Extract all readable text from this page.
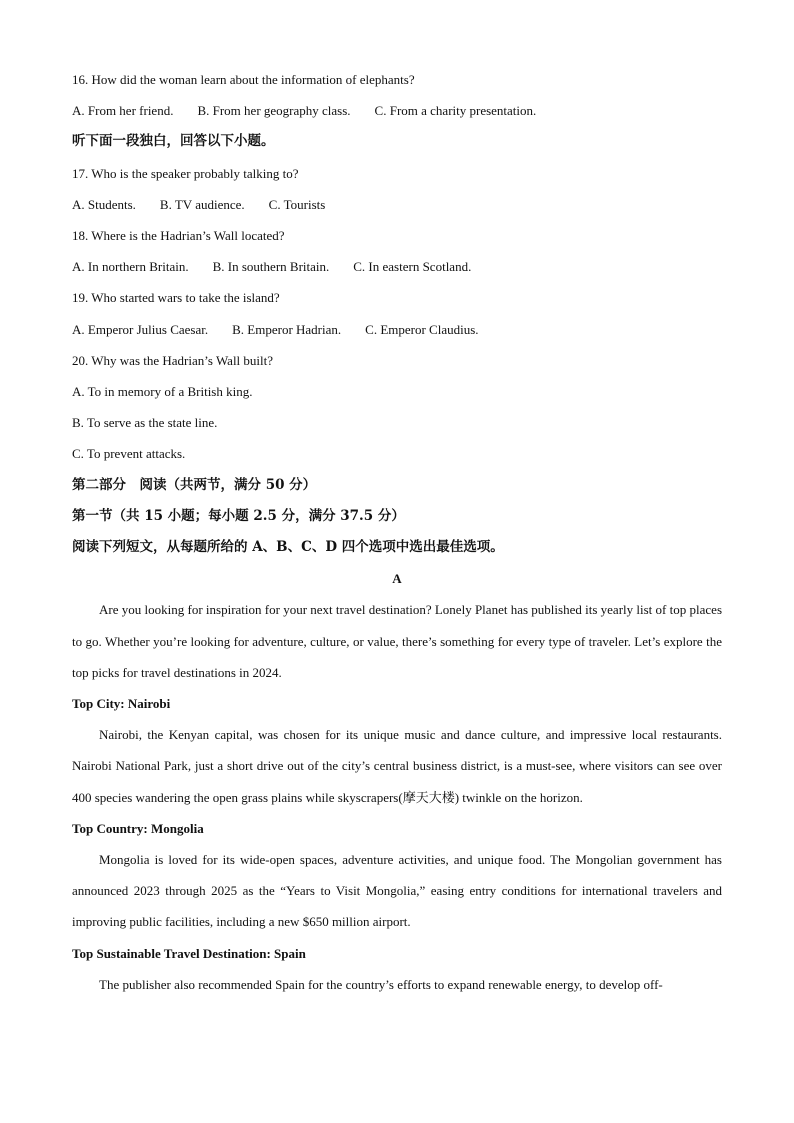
16. How did the woman learn about the information of elephants?
A. From her friend. B. From her geography class. C. From a charity presentation.
听下面一段独白，回答以下小题。
17. Who is the speaker probably talking to?
A. Students. B. TV audience. C. Tourists
18. Where is the Hadrian’s Wall located?
A. In northern Britain. B. In southern Britain. C. In eastern Scotland.
19. Who started wars to take the island?
A. Emperor Julius Caesar. B. Emperor Hadrian. C. Emperor Claudius.
20. Why was the Hadrian’s Wall built?
A. To in memory of a British king.
B. To serve as the state line.
C. To prevent attacks.
第二部分　阅读（共两节，满分 50 分）
第一节（共 15 小题；每小题 2.5 分，满分 37.5 分）
阅读下列短文，从每题所给的 A、B、C、D 四个选项中选出最佳选项。
A
Are you looking for inspiration for your next travel destination? Lonely Planet has published its yearly list of top places to go. Whether you’re looking for adventure, culture, or value, there’s something for every type of traveler. Let’s explore the top picks for travel destinations in 2024.
Top City: Nairobi
Nairobi, the Kenyan capital, was chosen for its unique music and dance culture, and impressive local restaurants. Nairobi National Park, just a short drive out of the city’s central business district, is a must-see, where visitors can see over 400 species wandering the open grass plains while skyscrapers(摩天大楼) twinkle on the horizon.
Top Country: Mongolia
Mongolia is loved for its wide-open spaces, adventure activities, and unique food. The Mongolian government has announced 2023 through 2025 as the “Years to Visit Mongolia,” easing entry conditions for international travelers and improving public facilities, including a new $650 million airport.
Top Sustainable Travel Destination: Spain
The publisher also recommended Spain for the country’s efforts to expand renewable energy, to develop off-
